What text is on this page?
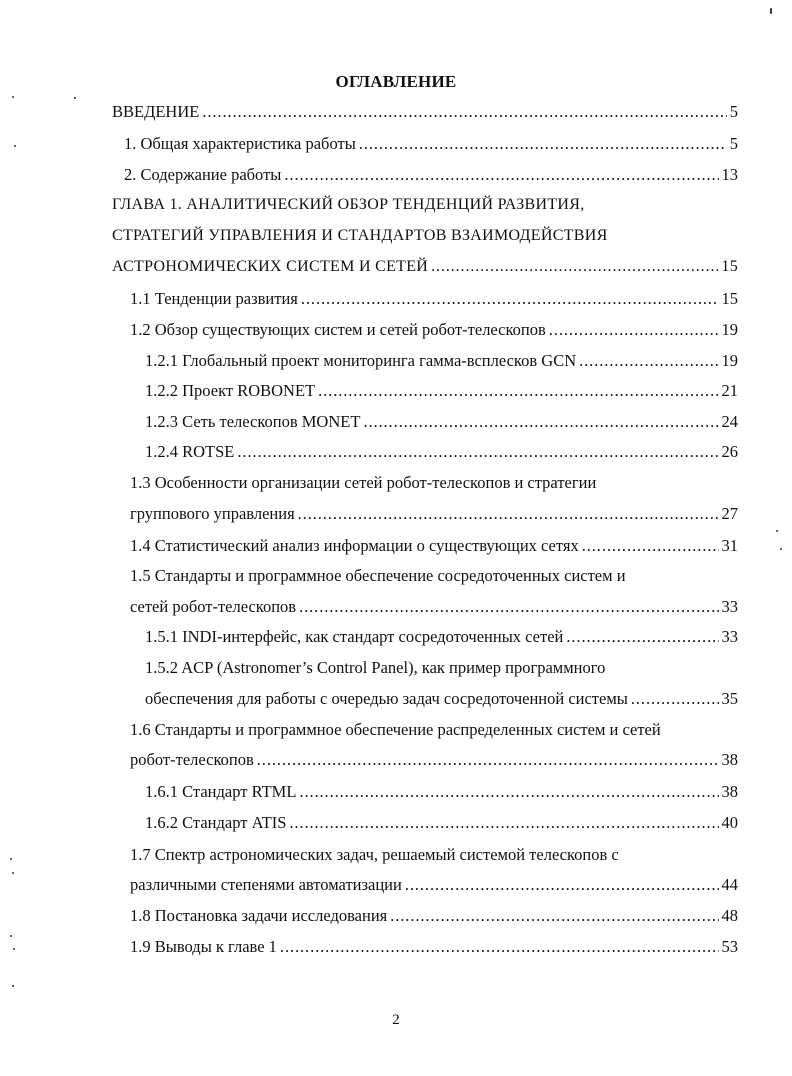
ОГЛАВЛЕНИЕ
ВВЕДЕНИЕ .....	5
1. Общая характеристика работы .....	5
2. Содержание работы .....	13
ГЛАВА 1. АНАЛИТИЧЕСКИЙ ОБЗОР ТЕНДЕНЦИЙ РАЗВИТИЯ,
СТРАТЕГИЙ УПРАВЛЕНИЯ И СТАНДАРТОВ ВЗАИМОДЕЙСТВИЯ
АСТРОНОМИЧЕСКИХ СИСТЕМ И СЕТЕЙ .....	15
1.1 Тенденции развития .....	15
1.2 Обзор существующих систем и сетей робот-телескопов .....	19
1.2.1 Глобальный проект мониторинга гамма-всплесков GCN .....	19
1.2.2 Проект ROBONET .....	21
1.2.3 Сеть телескопов MONET .....	24
1.2.4 ROTSE .....	26
1.3 Особенности организации сетей робот-телескопов и стратегии
группового управления .....	27
1.4 Статистический анализ информации о существующих сетях .....	31
1.5 Стандарты и программное обеспечение сосредоточенных систем и
сетей робот-телескопов .....	33
1.5.1 INDI-интерфейс, как стандарт сосредоточенных сетей .....	33
1.5.2 ACP (Astronomer’s Control Panel), как пример программного
обеспечения для работы с очередью задач сосредоточенной системы .....	35
1.6 Стандарты и программное обеспечение распределенных систем и сетей
робот-телескопов .....	38
1.6.1 Стандарт RTML .....	38
1.6.2 Стандарт ATIS .....	40
1.7 Спектр астрономических задач, решаемый системой телескопов с
различными степенями автоматизации .....	44
1.8 Постановка задачи исследования .....	48
1.9 Выводы к главе 1 .....	53
2
